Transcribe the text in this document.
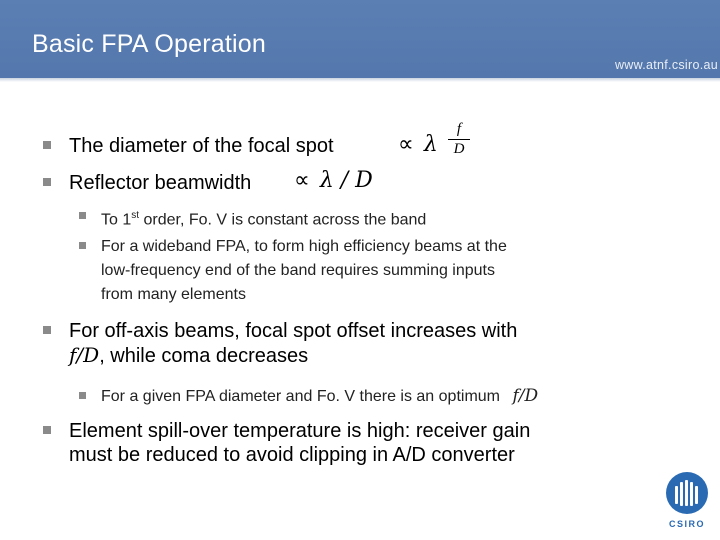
Basic FPA Operation
www.atnf.csiro.au
The diameter of the focal spot	∝ λ
f
D
Reflector beamwidth ∝ λ / D
To 1st order, Fo. V is constant across the band
For a wideband FPA, to form high efficiency beams at the
low-frequency end of the band requires summing inputs
from many elements
For off-axis beams, focal spot offset increases with
f/D, while coma decreases
For a given FPA diameter and Fo. V there is an optimum f/D
Element spill-over temperature is high: receiver gain
must be reduced to avoid clipping in A/D converter
CSIRO
